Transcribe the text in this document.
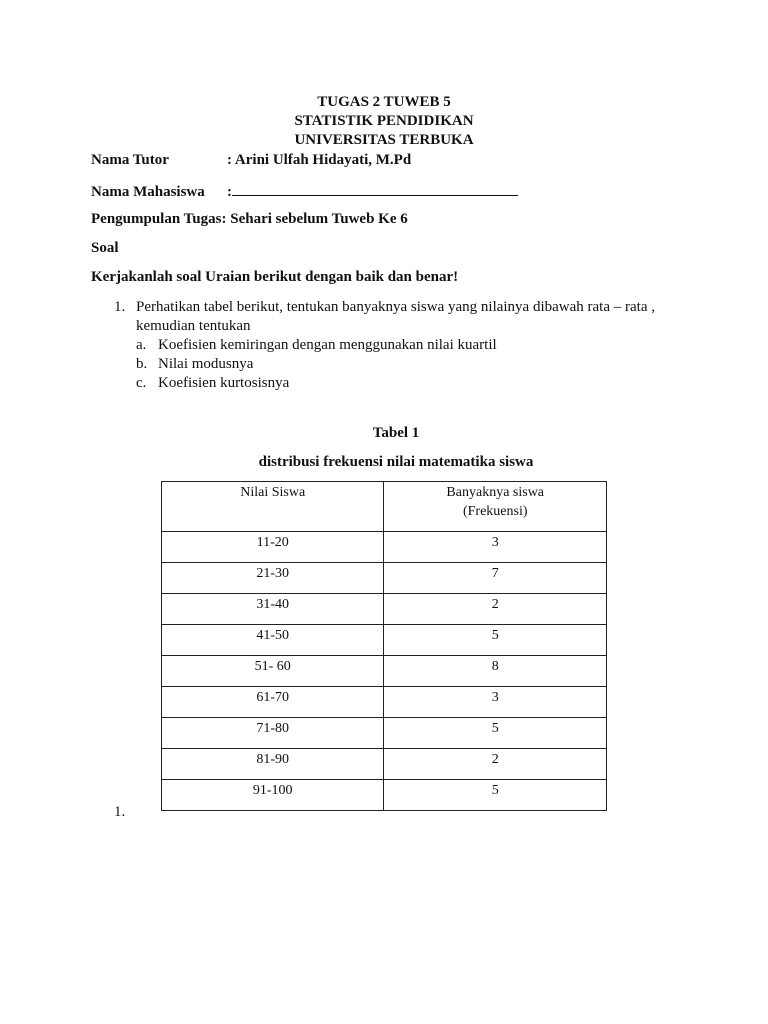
TUGAS 2 TUWEB 5
STATISTIK PENDIDIKAN
UNIVERSITAS TERBUKA
Nama Tutor	: Arini Ulfah Hidayati, M.Pd
Nama Mahasiswa :
Pengumpulan Tugas: Sehari sebelum Tuweb Ke 6
Soal
Kerjakanlah soal Uraian berikut dengan baik dan benar!
1. Perhatikan tabel berikut, tentukan banyaknya siswa yang nilainya dibawah rata – rata ,
kemudian tentukan
a. Koefisien kemiringan dengan menggunakan nilai kuartil
b. Nilai modusnya
c. Koefisien kurtosisnya
Tabel 1
distribusi frekuensi nilai matematika siswa
Nilai Siswa	Banyaknya siswa
(Frekuensi)

11-20	3
21-30	7
31-40	2
41-50	5
51- 60	8
61-70	3
71-80	5
81-90	2
91-100	5
1.
